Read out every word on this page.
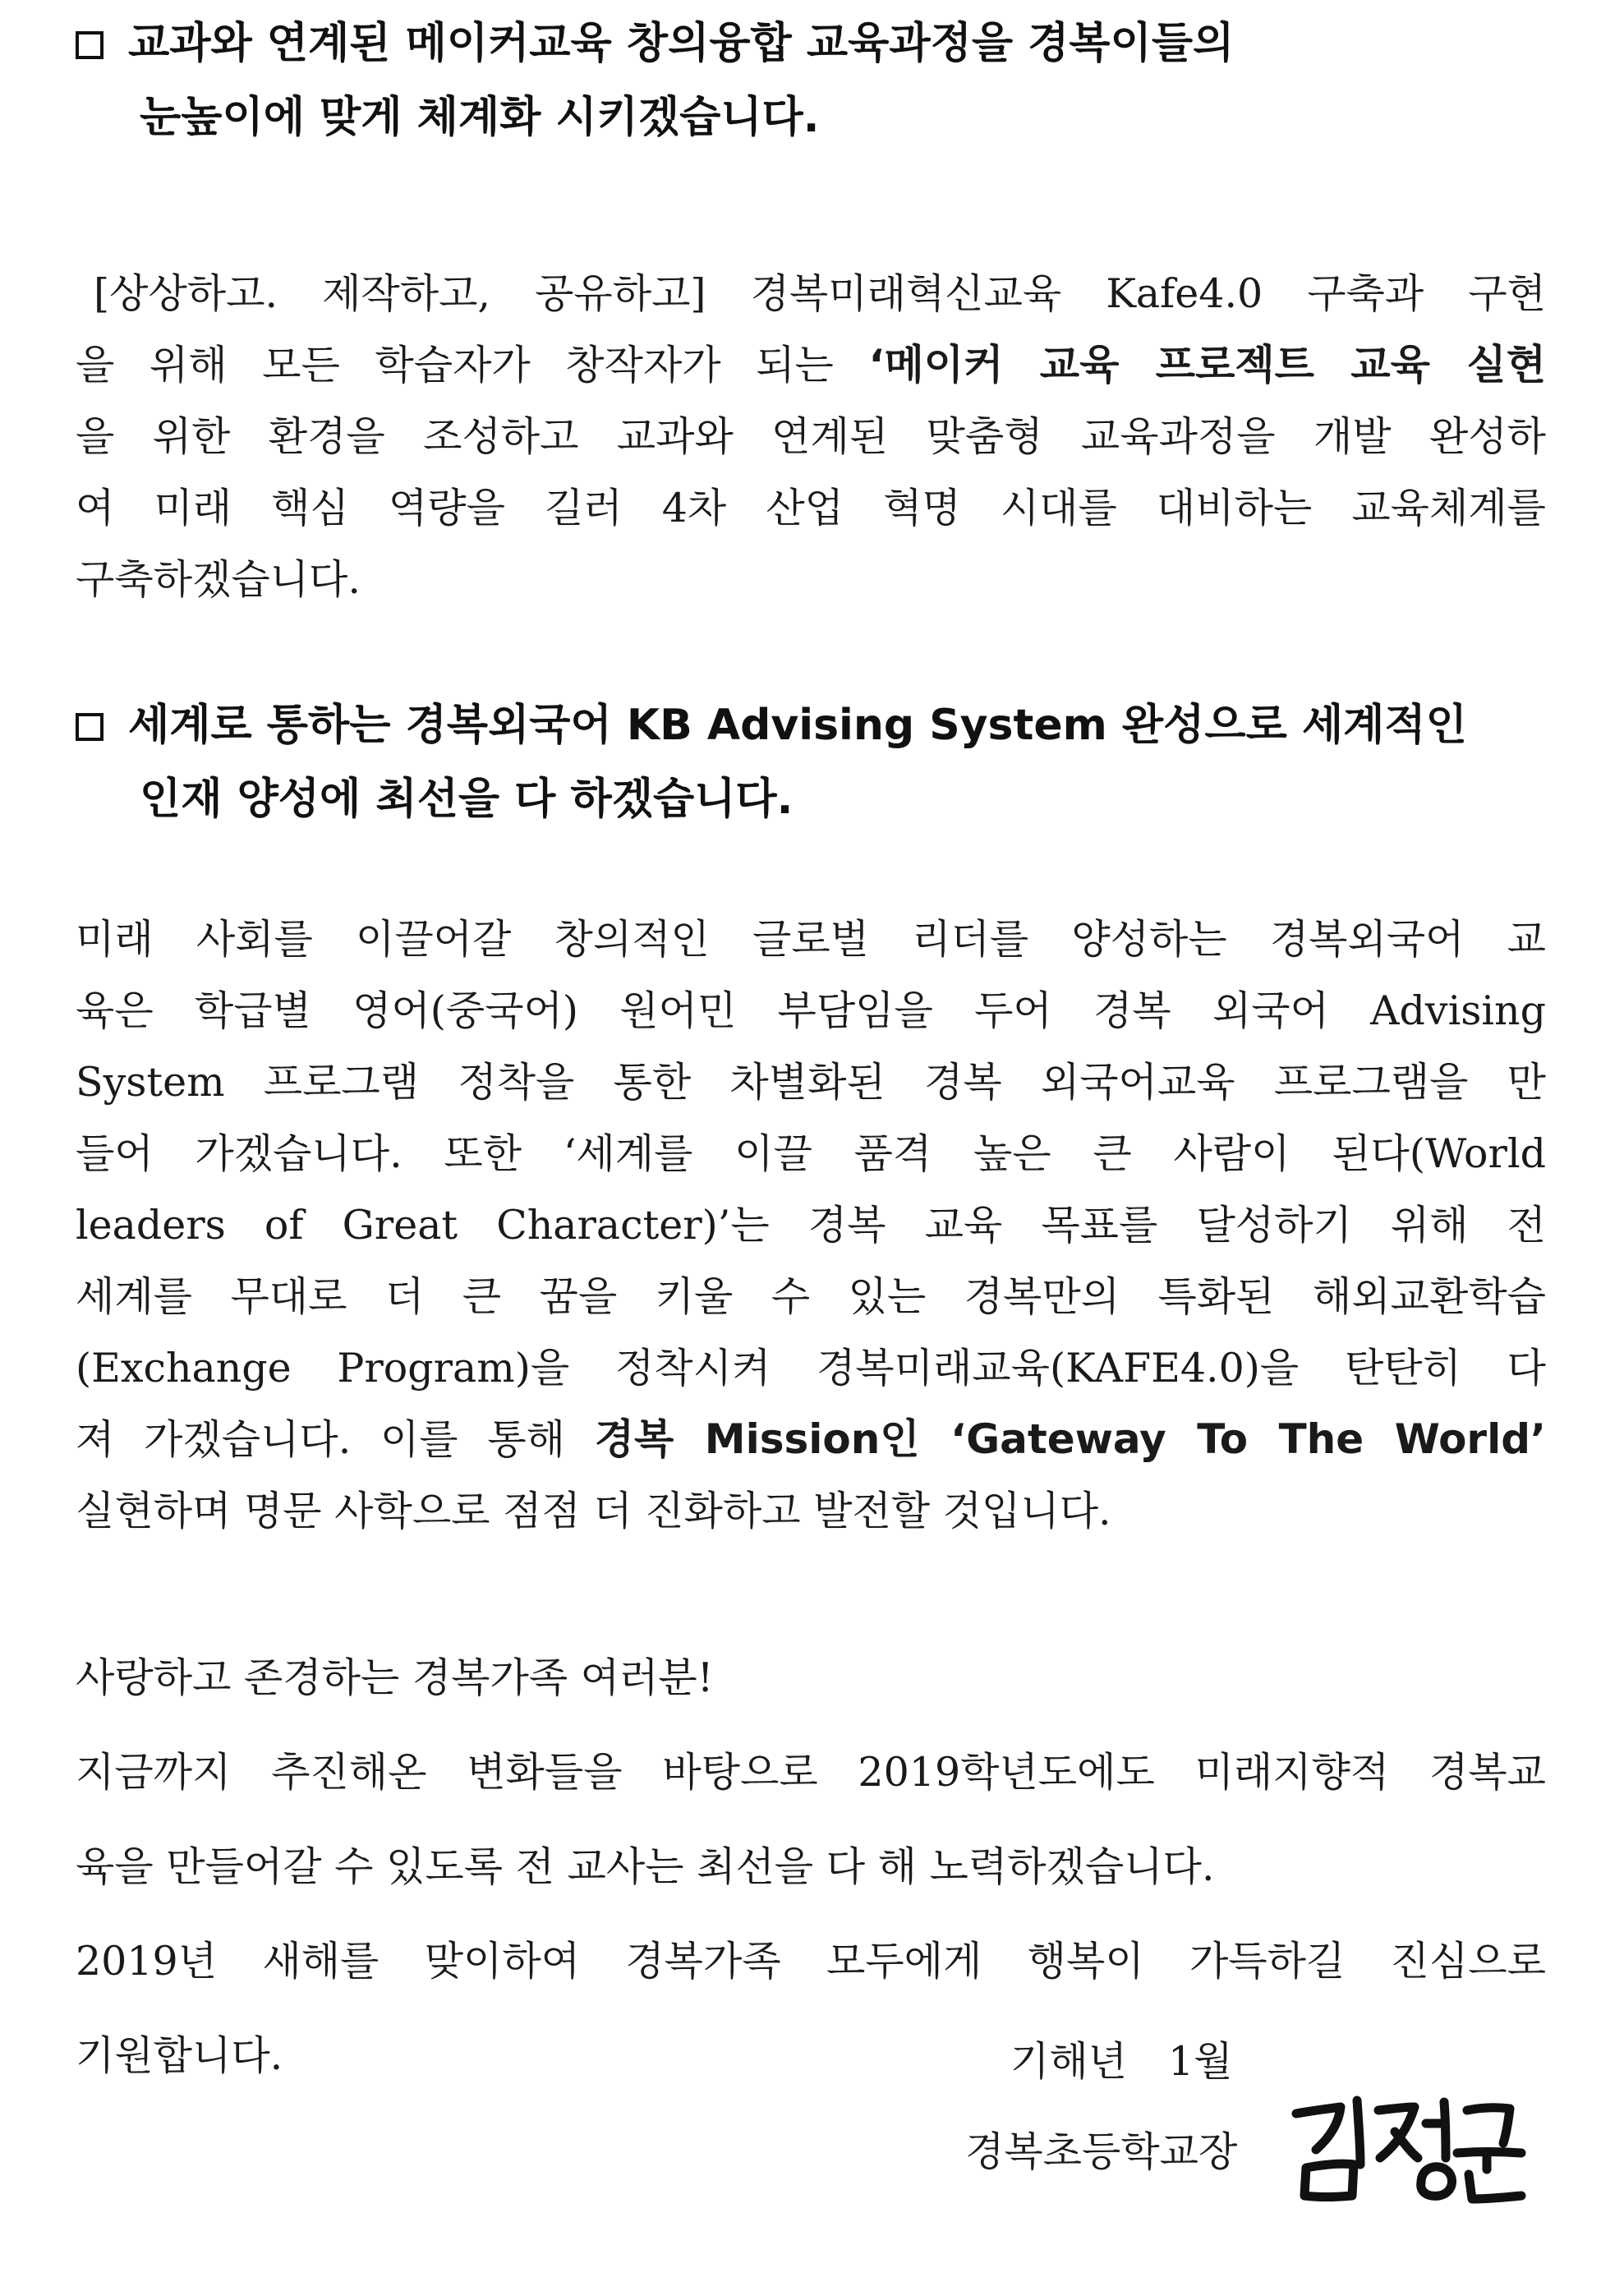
교과와 연계된 메이커교육 창의융합 교육과정을 경복이들의
눈높이에 맞게 체계화 시키겠습니다.
[상상하고. 제작하고, 공유하고] 경복미래혁신교육 Kafe4.0 구축과 구현
을 위해 모든 학습자가 창작자가 되는 ‘메이커 교육 프로젝트 교육 실현
을 위한 환경을 조성하고 교과와 연계된 맞춤형 교육과정을 개발 완성하
여 미래 핵심 역량을 길러 4차 산업 혁명 시대를 대비하는 교육체계를
구축하겠습니다.
세계로 통하는 경복외국어 KB Advising System 완성으로 세계적인
인재 양성에 최선을 다 하겠습니다.
미래 사회를 이끌어갈 창의적인 글로벌 리더를 양성하는 경복외국어 교
육은 학급별 영어(중국어) 원어민 부담임을 두어 경복 외국어 Advising
System 프로그램 정착을 통한 차별화된 경복 외국어교육 프로그램을 만
들어 가겠습니다. 또한 ‘세계를 이끌 품격 높은 큰 사람이 된다(World
leaders of Great Character)’는 경복 교육 목표를 달성하기 위해 전
세계를 무대로 더 큰 꿈을 키울 수 있는 경복만의 특화된 해외교환학습
(Exchange Program)을 정착시켜 경복미래교육(KAFE4.0)을 탄탄히 다
져 가겠습니다. 이를 통해 경복 Mission인 ‘Gateway To The World’
실현하며 명문 사학으로 점점 더 진화하고 발전할 것입니다.
사랑하고 존경하는 경복가족 여러분!
지금까지 추진해온 변화들을 바탕으로 2019학년도에도 미래지향적 경복교
육을 만들어갈 수 있도록 전 교사는 최선을 다 해 노력하겠습니다.
2019년 새해를 맞이하여 경복가족 모두에게 행복이 가득하길 진심으로
기원합니다.	기해년 1월
경복초등학교장
